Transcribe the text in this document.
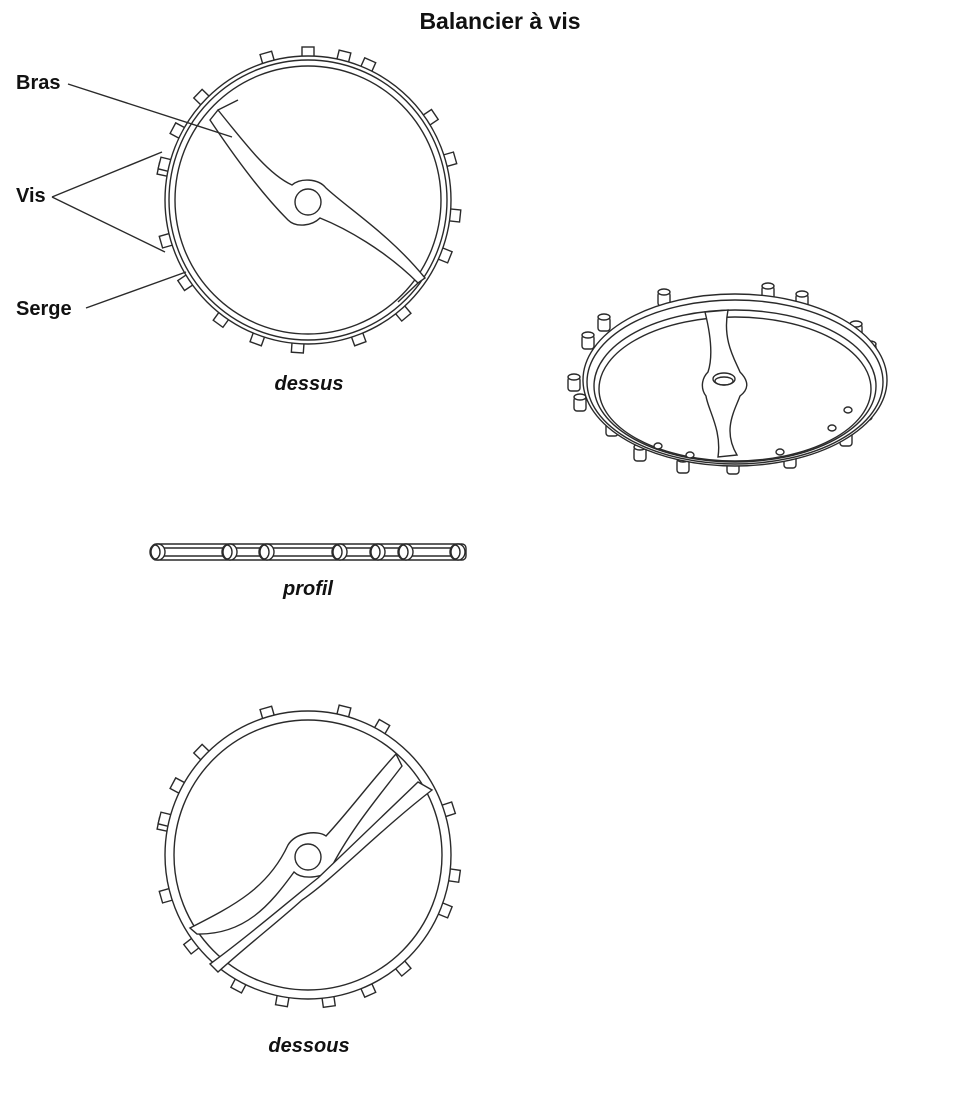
Balancier à vis
Bras
Vis
Serge
dessus
profil
dessous
